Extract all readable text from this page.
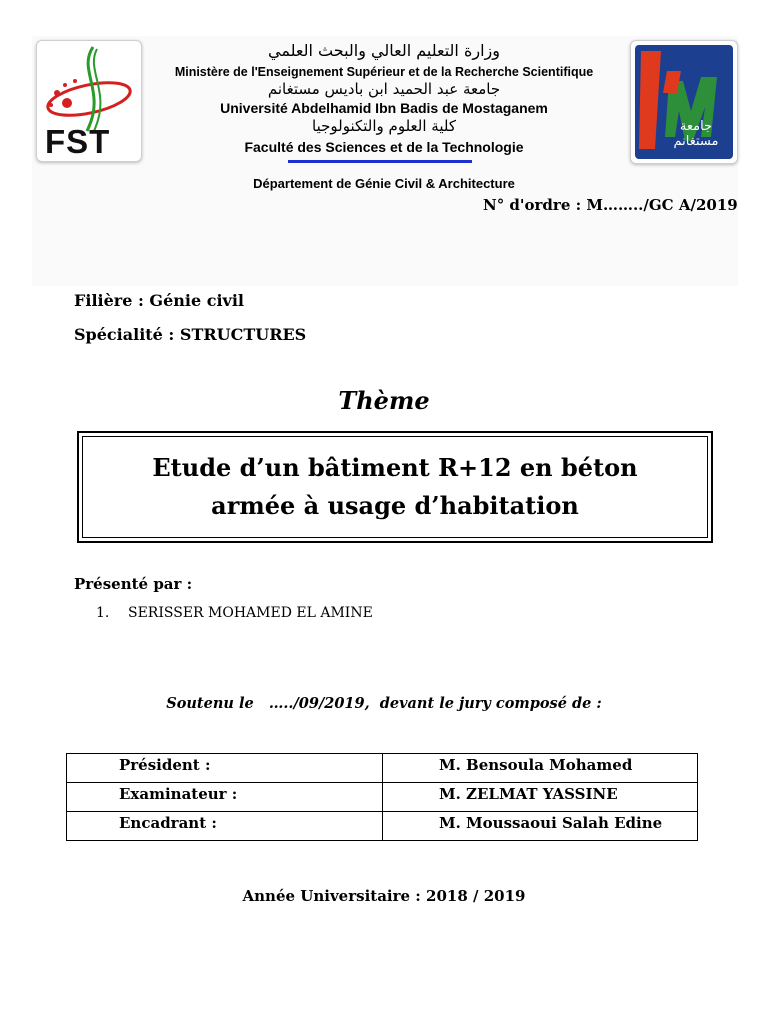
FST	جامعة مستغانم
وزارة التعليم العالي والبحث العلمي
Ministère de l'Enseignement Supérieur et de la Recherche Scientifique
جامعة عبد الحميد ابن باديس مستغانم
Université Abdelhamid Ibn Badis de Mostaganem
كلية العلوم والتكنولوجيا
Faculté des Sciences et de la Technologie
Département de Génie Civil & Architecture
N° d'ordre : M……../GC A/2019
Filière : Génie civil
Spécialité : STRUCTURES
Thème
Etude d’un bâtiment R+12 en béton
armée à usage d’habitation
Présenté par :
1. SERISSER MOHAMED EL AMINE
Soutenu le   …../09/2019,  devant le jury composé de :
Président :	M. Bensoula Mohamed
Examinateur :	M. ZELMAT YASSINE
Encadrant :	M. Moussaoui Salah Edine
Année Universitaire : 2018 / 2019
